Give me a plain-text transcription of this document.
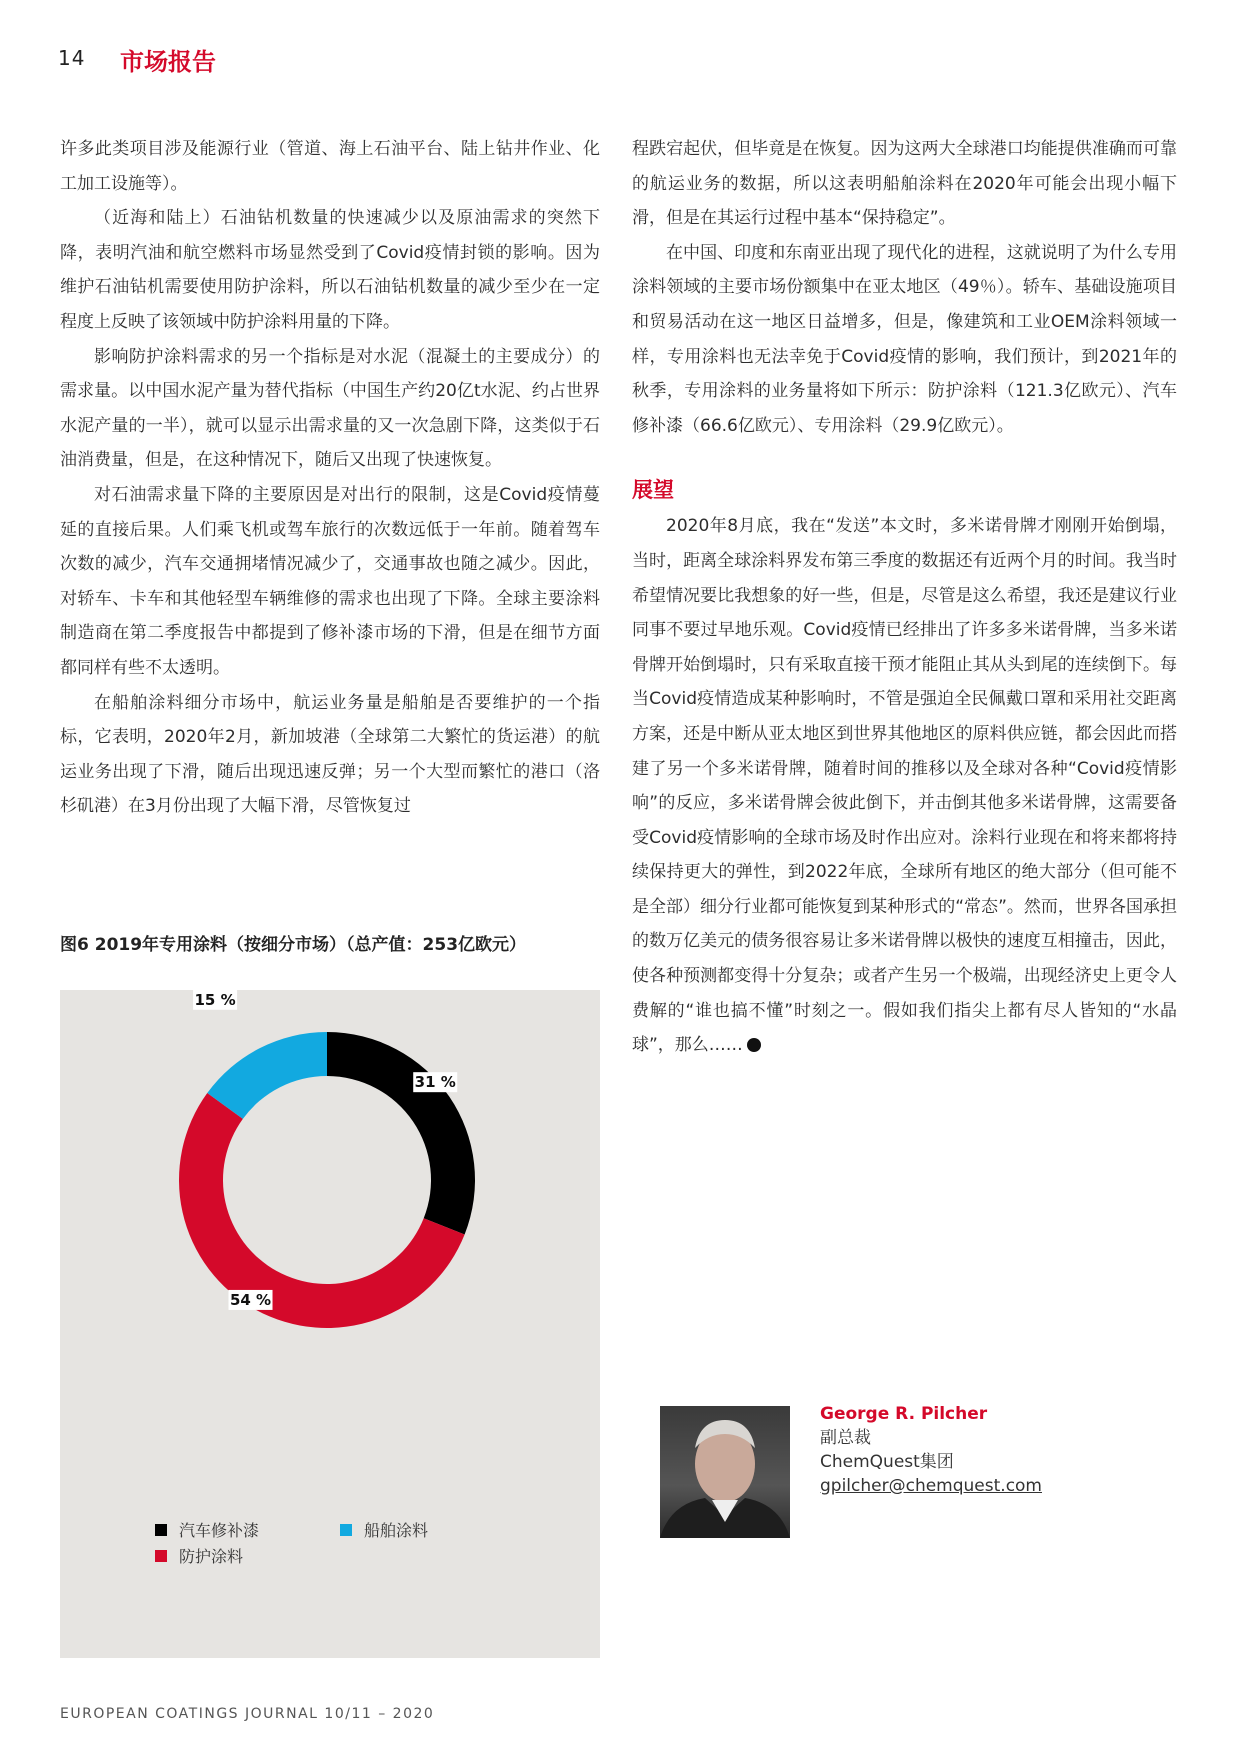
14 市场报告

许多此类项目涉及能源行业（管道、海上石油平台、陆上钻井作业、化工加工设施等）。

（近海和陆上）石油钻机数量的快速减少以及原油需求的突然下降，表明汽油和航空燃料市场显然受到了Covid疫情封锁的影响。因为维护石油钻机需要使用防护涂料，所以石油钻机数量的减少至少在一定程度上反映了该领域中防护涂料用量的下降。

影响防护涂料需求的另一个指标是对水泥（混凝土的主要成分）的需求量。以中国水泥产量为替代指标（中国生产约20亿t水泥、约占世界水泥产量的一半），就可以显示出需求量的又一次急剧下降，这类似于石油消费量，但是，在这种情况下，随后又出现了快速恢复。

对石油需求量下降的主要原因是对出行的限制，这是Covid疫情蔓延的直接后果。人们乘飞机或驾车旅行的次数远低于一年前。随着驾车次数的减少，汽车交通拥堵情况减少了，交通事故也随之减少。因此，对轿车、卡车和其他轻型车辆维修的需求也出现了下降。全球主要涂料制造商在第二季度报告中都提到了修补漆市场的下滑，但是在细节方面都同样有些不太透明。

在船舶涂料细分市场中，航运业务量是船舶是否要维护的一个指标，它表明，2020年2月，新加坡港（全球第二大繁忙的货运港）的航运业务出现了下滑，随后出现迅速反弹；另一个大型而繁忙的港口（洛杉矶港）在3月份出现了大幅下滑，尽管恢复过

图6 2019年专用涂料（按细分市场）（总产值：253亿欧元）
31 %
54 %
15 %
汽车修补漆	船舶涂料
防护涂料

程跌宕起伏，但毕竟是在恢复。因为这两大全球港口均能提供准确而可靠的航运业务的数据，所以这表明船舶涂料在2020年可能会出现小幅下滑，但是在其运行过程中基本“保持稳定”。

在中国、印度和东南亚出现了现代化的进程，这就说明了为什么专用涂料领域的主要市场份额集中在亚太地区（49％）。轿车、基础设施项目和贸易活动在这一地区日益增多，但是，像建筑和工业OEM涂料领域一样，专用涂料也无法幸免于Covid疫情的影响，我们预计，到2021年的秋季，专用涂料的业务量将如下所示：防护涂料（121.3亿欧元）、汽车修补漆（66.6亿欧元）、专用涂料（29.9亿欧元）。

展望

2020年8月底，我在“发送”本文时，多米诺骨牌才刚刚开始倒塌，当时，距离全球涂料界发布第三季度的数据还有近两个月的时间。我当时希望情况要比我想象的好一些，但是，尽管是这么希望，我还是建议行业同事不要过早地乐观。Covid疫情已经排出了许多多米诺骨牌，当多米诺骨牌开始倒塌时，只有采取直接干预才能阻止其从头到尾的连续倒下。每当Covid疫情造成某种影响时，不管是强迫全民佩戴口罩和采用社交距离方案，还是中断从亚太地区到世界其他地区的原料供应链，都会因此而搭建了另一个多米诺骨牌，随着时间的推移以及全球对各种“Covid疫情影响”的反应，多米诺骨牌会彼此倒下，并击倒其他多米诺骨牌，这需要备受Covid疫情影响的全球市场及时作出应对。涂料行业现在和将来都将持续保持更大的弹性，到2022年底，全球所有地区的绝大部分（但可能不是全部）细分行业都可能恢复到某种形式的“常态”。然而，世界各国承担的数万亿美元的债务很容易让多米诺骨牌以极快的速度互相撞击，因此，使各种预测都变得十分复杂；或者产生另一个极端，出现经济史上更令人费解的“谁也搞不懂”时刻之一。假如我们指尖上都有尽人皆知的“水晶球”，那么……	◀

George R. Pilcher
副总裁
ChemQuest集团
gpilcher@chemquest.com
EUROPEAN COATINGS JOURNAL 10/11 – 2020
